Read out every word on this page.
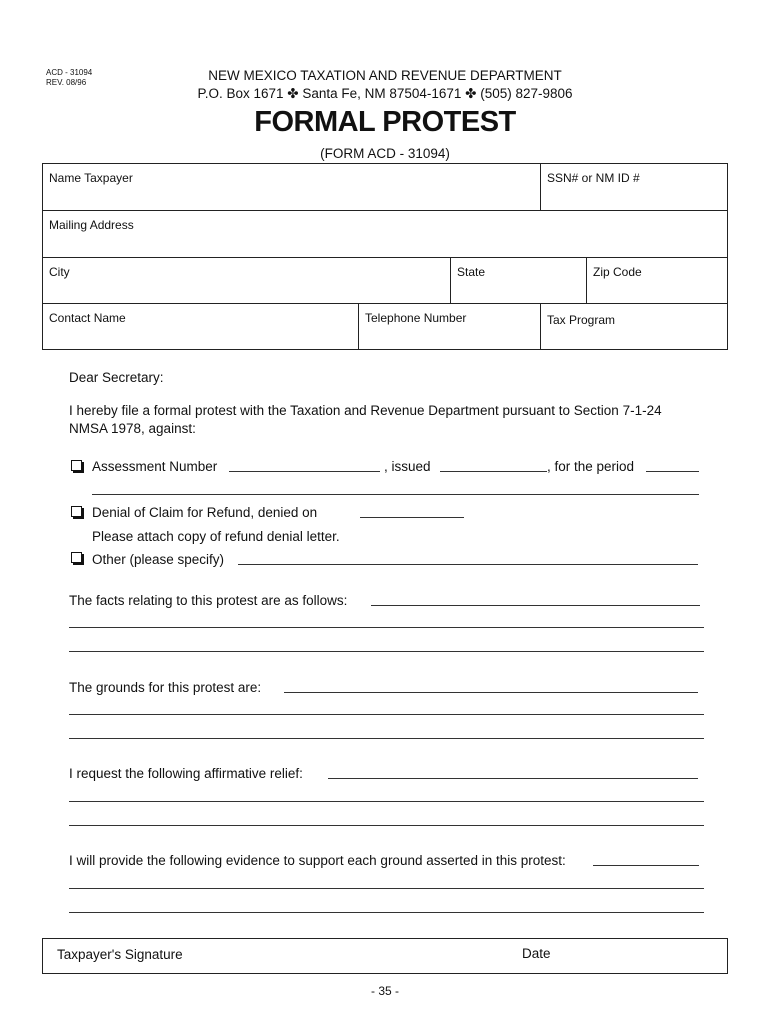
ACD - 31094
REV. 08/96	NEW MEXICO TAXATION AND REVENUE DEPARTMENT
P.O. Box 1671 ✤ Santa Fe, NM 87504-1671 ✤ (505) 827-9806
FORMAL PROTEST
(FORM ACD - 31094)
Name Taxpayer	SSN# or NM ID #
Mailing Address
City	State	Zip Code
Contact Name	Telephone Number	Tax Program
Dear Secretary:
I hereby file a formal protest with the Taxation and Revenue Department pursuant to Section 7-1-24
NMSA 1978, against:
Assessment Number	, issued	, for the period
Denial of Claim for Refund, denied on
Please attach copy of refund denial letter.
Other (please specify)
The facts relating to this protest are as follows:
The grounds for this protest are:
I request the following affirmative relief:
I will provide the following evidence to support each ground asserted in this protest:
Taxpayer's Signature	Date
- 35 -
